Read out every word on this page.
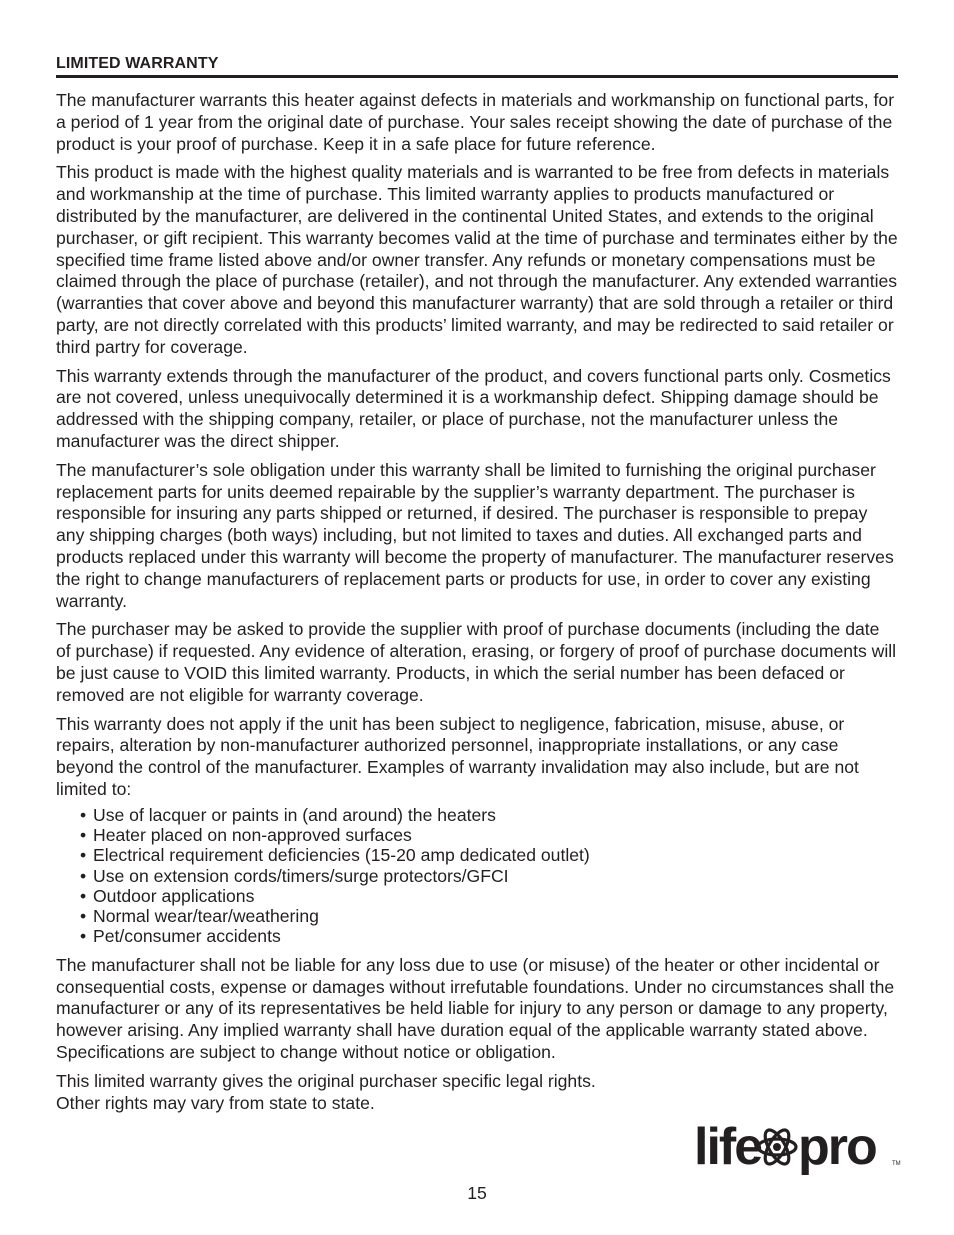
LIMITED WARRANTY

The manufacturer warrants this heater against defects in materials and workmanship on functional parts, for a period of 1 year from the original date of purchase. Your sales receipt showing the date of purchase of the product is your proof of purchase. Keep it in a safe place for future reference.

This product is made with the highest quality materials and is warranted to be free from defects in materials and workmanship at the time of purchase. This limited warranty applies to products manufactured or distributed by the manufacturer, are delivered in the continental United States, and extends to the original purchaser, or gift recipient. This warranty becomes valid at the time of purchase and terminates either by the specified time frame listed above and/or owner transfer. Any refunds or monetary compensations must be claimed through the place of purchase (retailer), and not through the manufacturer. Any extended warranties (warranties that cover above and beyond this manufacturer warranty) that are sold through a retailer or third party, are not directly correlated with this products’ limited warranty, and may be redirected to said retailer or third partry for coverage.

This warranty extends through the manufacturer of the product, and covers functional parts only. Cosmetics are not covered, unless unequivocally determined it is a workmanship defect. Shipping damage should be addressed with the shipping company, retailer, or place of purchase, not the manufacturer unless the manufacturer was the direct shipper.

The manufacturer’s sole obligation under this warranty shall be limited to furnishing the original purchaser replacement parts for units deemed repairable by the supplier’s warranty department. The purchaser is responsible for insuring any parts shipped or returned, if desired. The purchaser is responsible to prepay any shipping charges (both ways) including, but not limited to taxes and duties. All exchanged parts and products replaced under this warranty will become the property of manufacturer. The manufacturer reserves the right to change manufacturers of replacement parts or products for use, in order to cover any existing warranty.

The purchaser may be asked to provide the supplier with proof of purchase documents (including the date of purchase) if requested. Any evidence of alteration, erasing, or forgery of proof of purchase documents will be just cause to VOID this limited warranty. Products, in which the serial number has been defaced or removed are not eligible for warranty coverage.

This warranty does not apply if the unit has been subject to negligence, fabrication, misuse, abuse, or repairs, alteration by non-manufacturer authorized personnel, inappropriate installations, or any case beyond the control of the manufacturer. Examples of warranty invalidation may also include, but are not limited to:

• Use of lacquer or paints in (and around) the heaters
• Heater placed on non-approved surfaces
• Electrical requirement deficiencies (15-20 amp dedicated outlet)
• Use on extension cords/timers/surge protectors/GFCI
• Outdoor applications
• Normal wear/tear/weathering
• Pet/consumer accidents

The manufacturer shall not be liable for any loss due to use (or misuse) of the heater or other incidental or consequential costs, expense or damages without irrefutable foundations. Under no circumstances shall the manufacturer or any of its representatives be held liable for injury to any person or damage to any property, however arising. Any implied warranty shall have duration equal of the applicable warranty stated above. Specifications are subject to change without notice or obligation.

This limited warranty gives the original purchaser specific legal rights.
Other rights may vary from state to state.

15
life pro	TM
